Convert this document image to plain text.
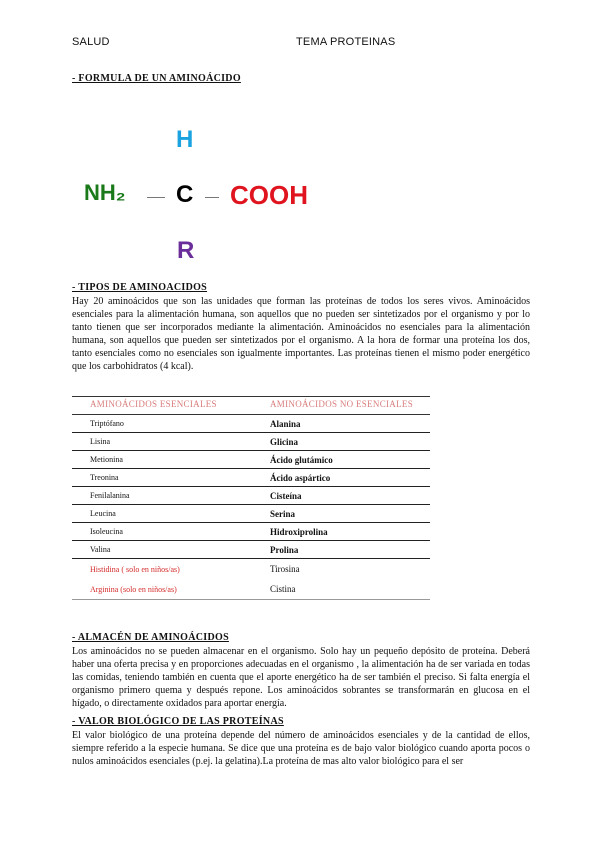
SALUD	TEMA PROTEINAS
- FORMULA DE UN AMINOÁCIDO
H
NH₂ C COOH
R
- TIPOS DE AMINOACIDOS
Hay 20 aminoácidos que son las unidades que forman las proteínas de todos los seres vivos. Aminoácidos esenciales para la alimentación humana, son aquellos que no pueden ser sintetizados por el organismo y por lo tanto tienen que ser incorporados mediante la alimentación. Aminoácidos no esenciales para la alimentación humana, son aquellos que pueden ser sintetizados por el organismo. A la hora de formar una proteína los dos, tanto esenciales como no esenciales son igualmente importantes. Las proteínas tienen el mismo poder energético que los carbohidratos (4 kcal).
AMINOÁCIDOS ESENCIALES	AMINOÁCIDOS NO ESENCIALES
Triptófano	Alanina
Lisina	Glicina
Metionina	Ácido glutámico
Treonina	Ácido aspártico
Fenilalanina	Cisteína
Leucina	Serina
Isoleucina	Hidroxiprolina
Valina	Prolina
Histidina ( solo en niños/as)	Tirosina
Arginina (solo en niños/as)	Cistina
- ALMACÉN DE AMINOÁCIDOS
Los aminoácidos no se pueden almacenar en el organismo. Solo hay un pequeño depósito de proteína. Deberá haber una oferta precisa y en proporciones adecuadas en el organismo , la alimentación ha de ser variada en todas las comidas, teniendo también en cuenta que el aporte energético ha de ser también el preciso. Si falta energía el organismo primero quema y después repone. Los aminoácidos sobrantes se transformarán en glucosa en el hígado, o directamente oxidados para aportar energía.
- VALOR BIOLÓGICO DE LAS PROTEÍNAS
El valor biológico de una proteína depende del número de aminoácidos esenciales y de la cantidad de ellos, siempre referido a la especie humana. Se dice que una proteína es de bajo valor biológico cuando aporta pocos o nulos aminoácidos esenciales (p.ej. la gelatina).La proteína de mas alto valor biológico para el ser
